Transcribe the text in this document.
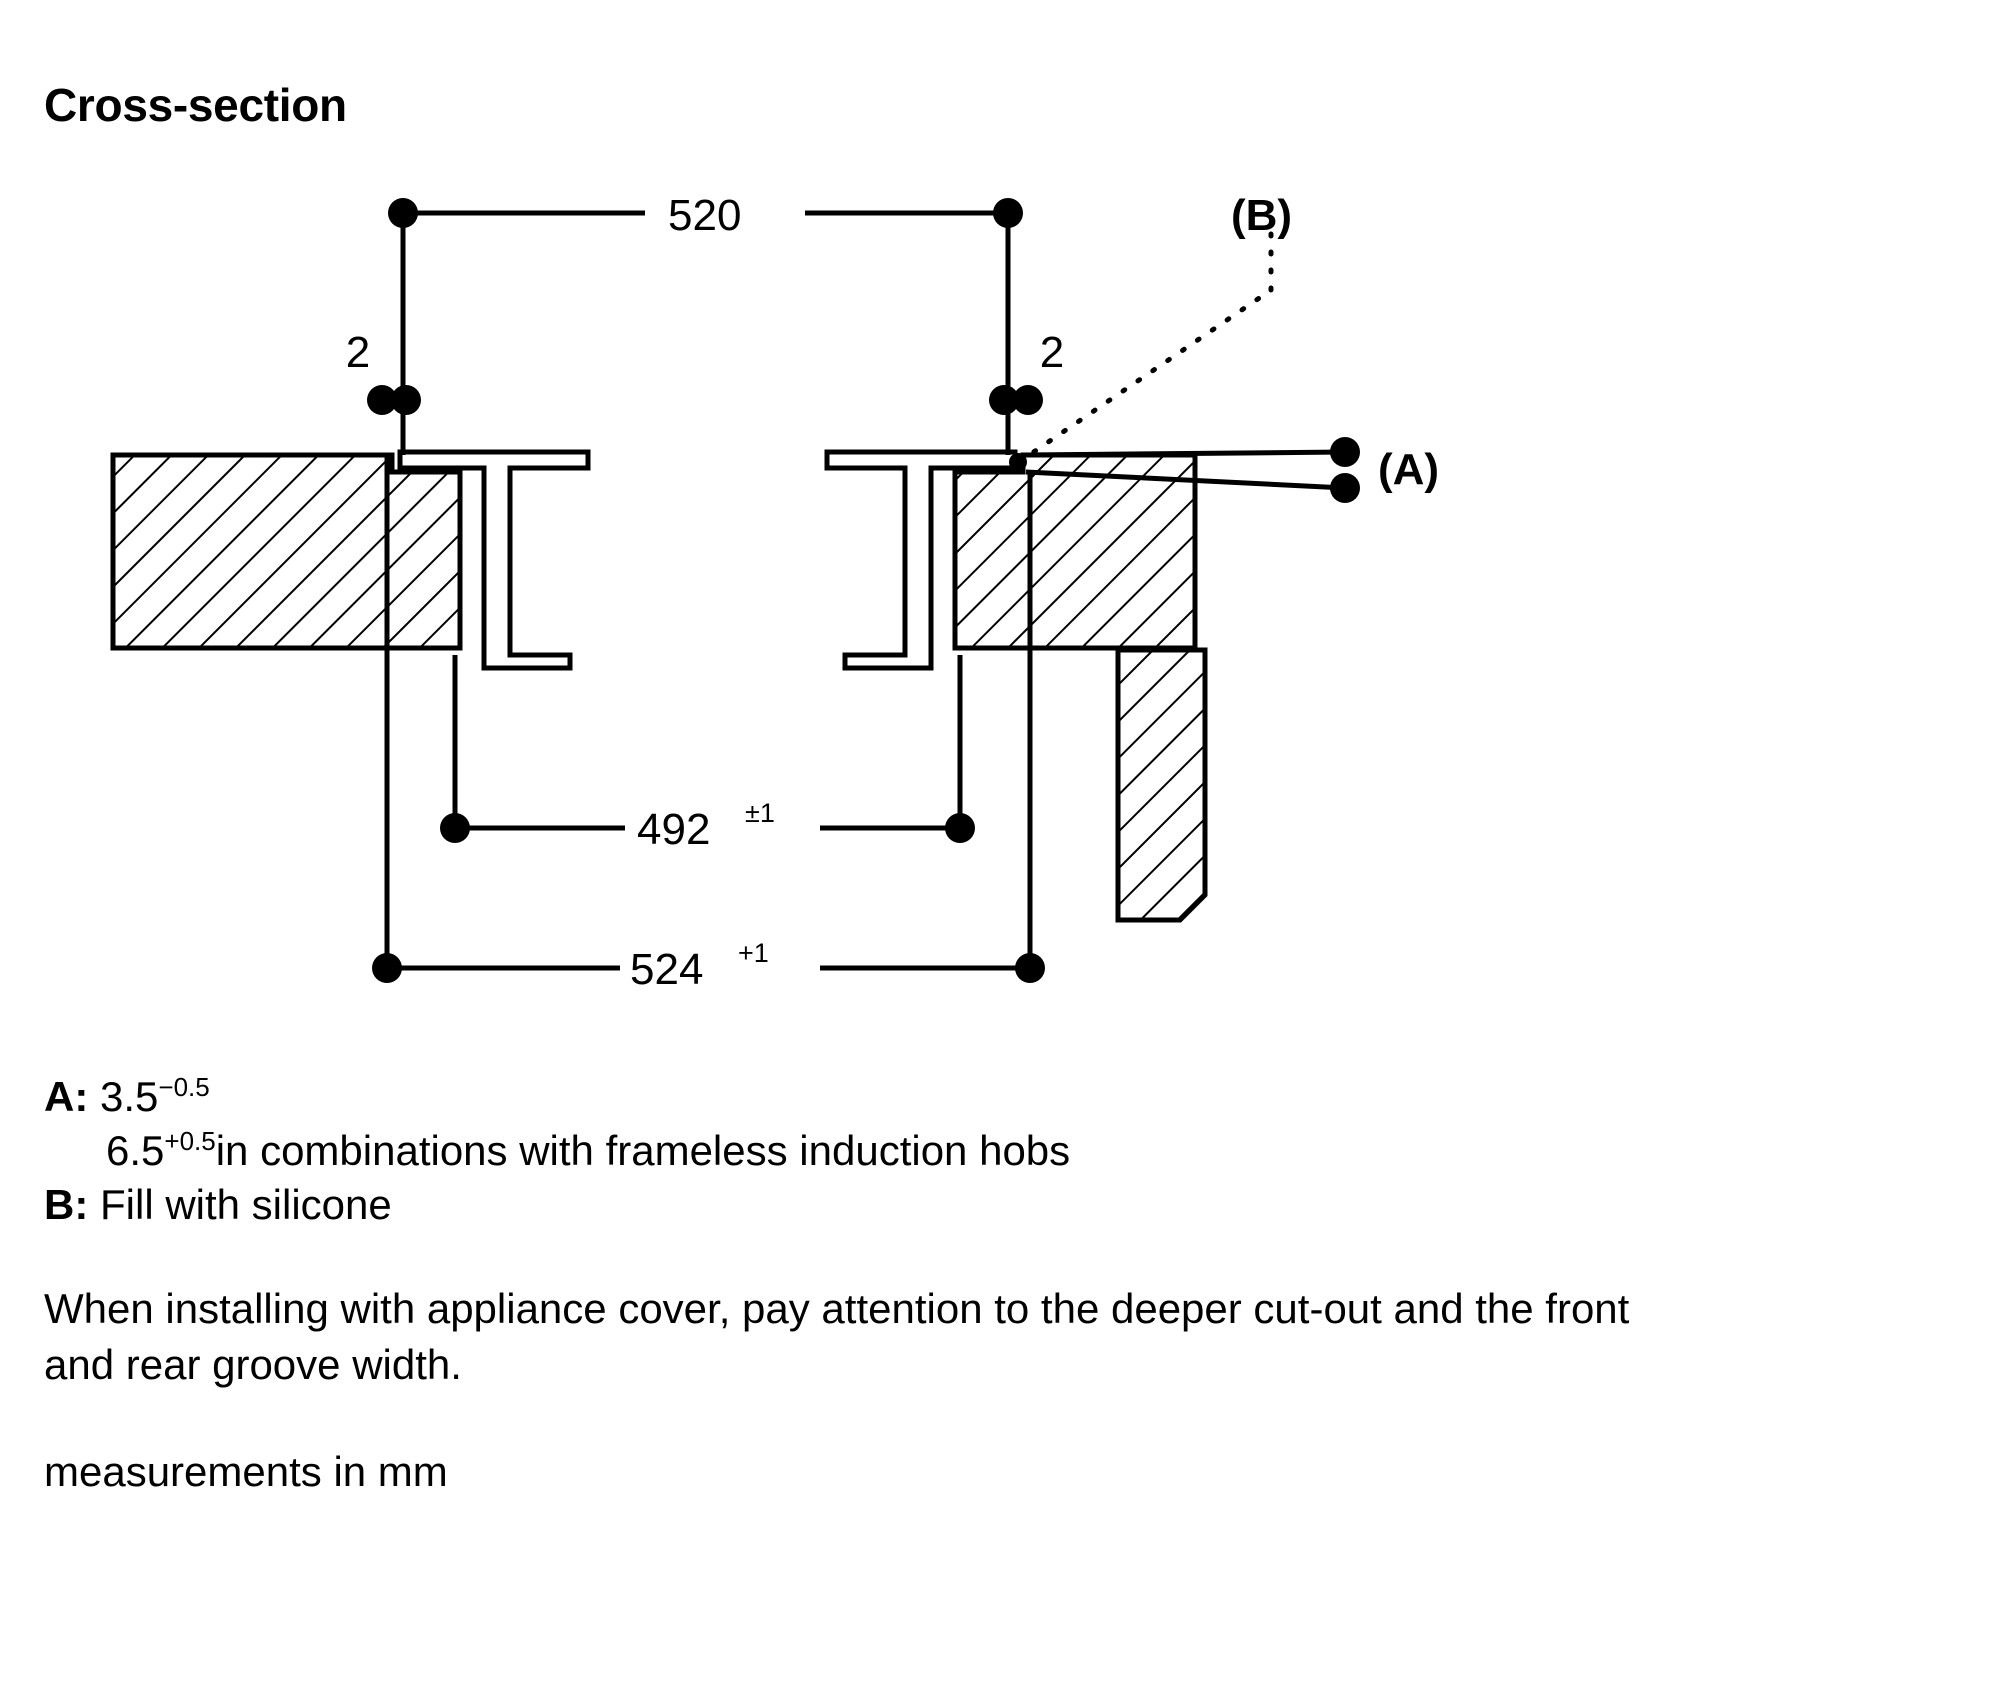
Cross-section
520
2	2
(B)
(A)
492 ±1
524 +1
A: $3.5^{-0.5}$
$6.5^{+0.5}in$ combinations with frameless induction hobs
B: Fill with silicone
When installing with appliance cover, pay attention to the deeper cut-out and the front and rear groove width.
measurements in mm
